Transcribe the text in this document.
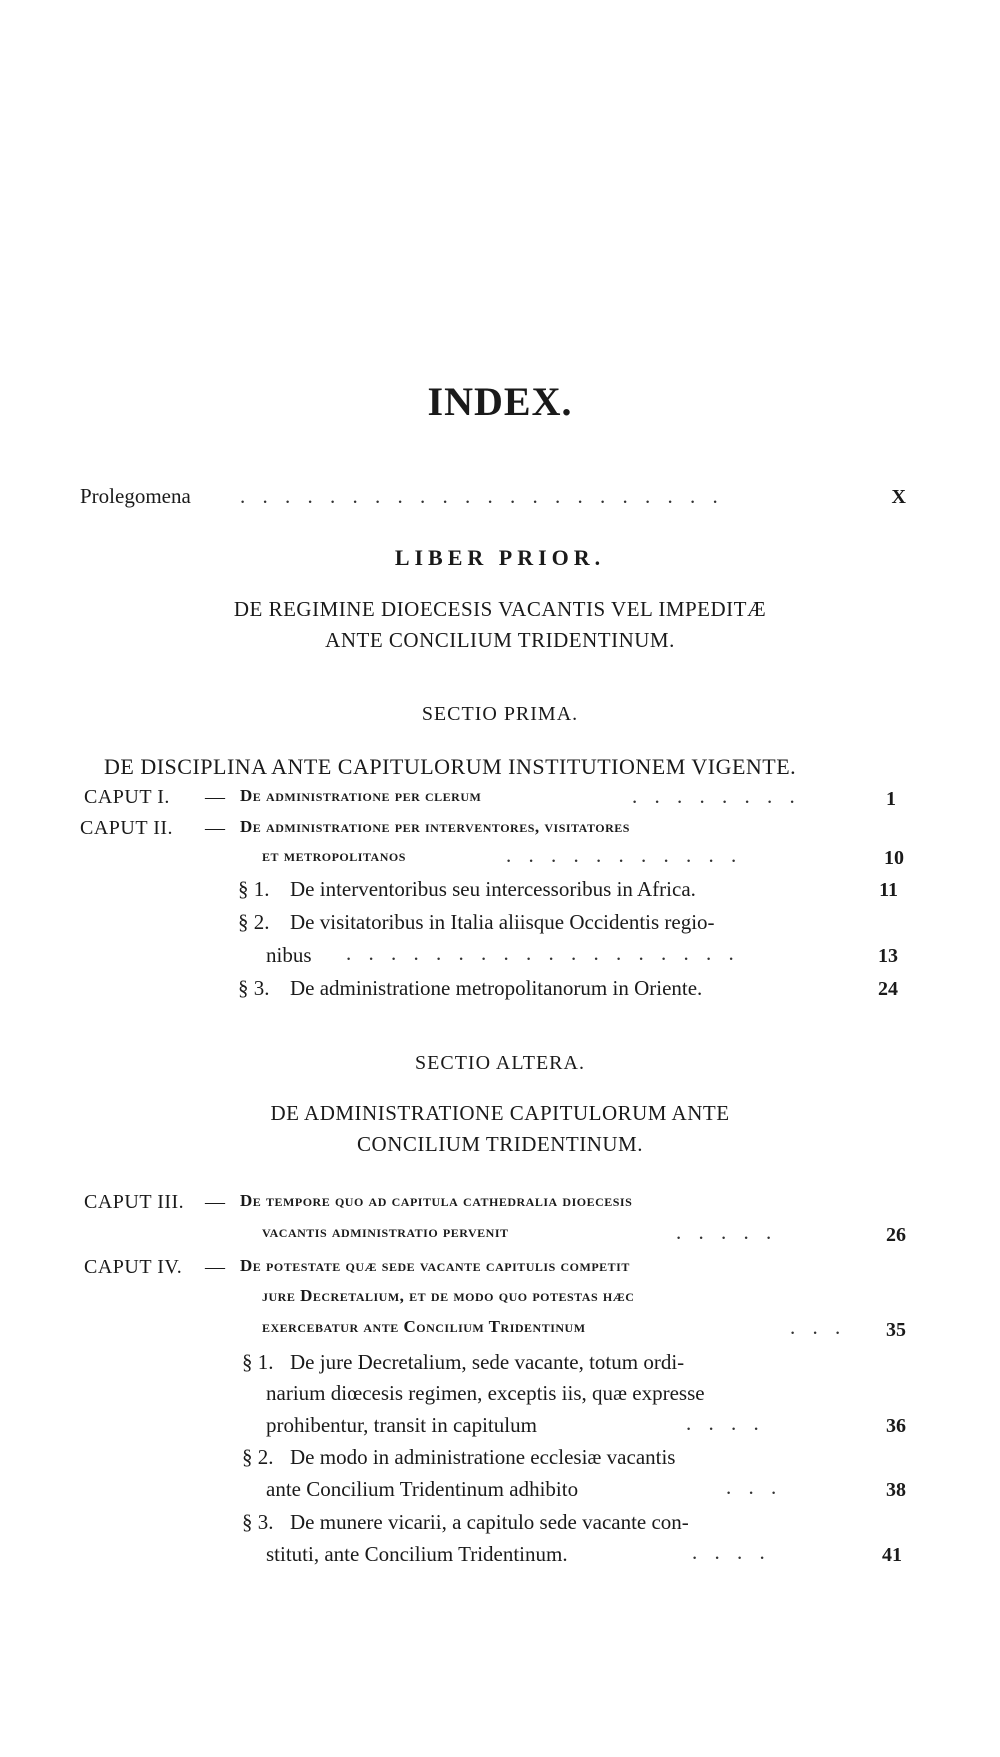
INDEX.
Prolegomena . . . . . . . . . . . . . . . . . . . . . .	X
LIBER PRIOR.
DE REGIMINE DIOECESIS VACANTIS VEL IMPEDITÆ
ANTE CONCILIUM TRIDENTINUM.
SECTIO PRIMA.
DE DISCIPLINA ANTE CAPITULORUM INSTITUTIONEM VIGENTE.
CAPUT I. — De administratione per clerum	. . . . . . . .	1
CAPUT II. — De administratione per interventores, visitatores
et metropolitanos	. . . . . . . . . . .	10
§ 1. De interventoribus seu intercessoribus in Africa.	11
§ 2. De visitatoribus in Italia aliisque Occidentis regio-
nibus . . . . . . . . . . . . . . . . . .	13
§ 3. De administratione metropolitanorum in Oriente.	24
SECTIO ALTERA.
DE ADMINISTRATIONE CAPITULORUM ANTE
CONCILIUM TRIDENTINUM.
CAPUT III. — De tempore quo ad capitula cathedralia dioecesis
vacantis administratio pervenit	. . . . .	26
CAPUT IV. — De potestate quæ sede vacante capitulis competit
jure Decretalium, et de modo quo potestas hæc
exercebatur ante Concilium Tridentinum	. . .	35
§ 1. De jure Decretalium, sede vacante, totum ordi-
narium diœcesis regimen, exceptis iis, quæ expresse
prohibentur, transit in capitulum	. . . .	36
§ 2. De modo in administratione ecclesiæ vacantis
ante Concilium Tridentinum adhibito	. . .	38
§ 3. De munere vicarii, a capitulo sede vacante con-
stituti, ante Concilium Tridentinum.	. . . .	41
